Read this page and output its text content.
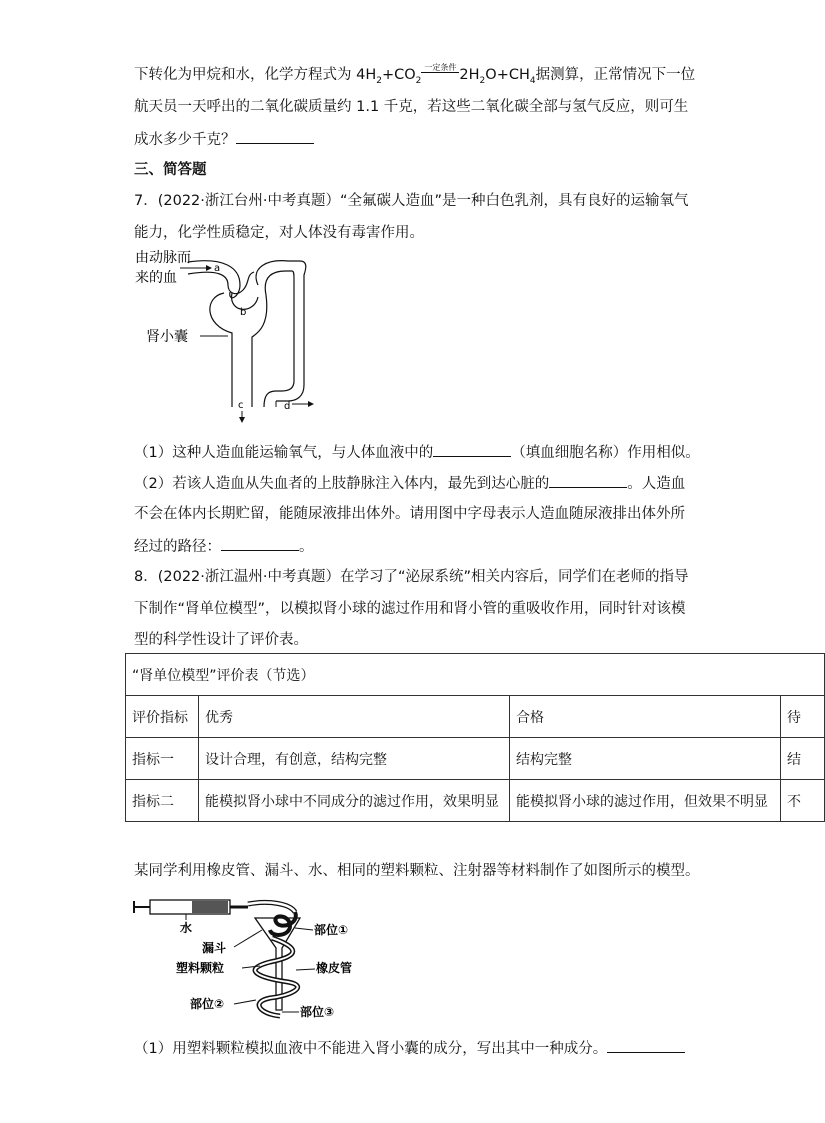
下转化为甲烷和水，化学方程式为 $4H_2+CO_2$
一定条件 $2H_2O+CH_4$据测算，正常情况下一位
航天员一天呼出的二氧化碳质量约 1.1 千克，若这些二氧化碳全部与氢气反应，则可生
成水多少千克？
三、简答题
7．(2022·浙江台州·中考真题）“全氟碳人造血”是一种白色乳剂，具有良好的运输氧气
能力，化学性质稳定，对人体没有毒害作用。
由动脉而
来的血
肾小囊
a
b
c	d
（1）这种人造血能运输氧气，与人体血液中的	（填血细胞名称）作用相似。
（2）若该人造血从失血者的上肢静脉注入体内，最先到达心脏的	。人造血
不会在体内长期贮留，能随尿液排出体外。请用图中字母表示人造血随尿液排出体外所
经过的路径：	。
8．(2022·浙江温州·中考真题）在学习了“泌尿系统”相关内容后，同学们在老师的指导
下制作“肾单位模型”，以模拟肾小球的滤过作用和肾小管的重吸收作用，同时针对该模
型的科学性设计了评价表。
“肾单位模型”评价表（节选）			
评价指标	优秀	合格	待
指标一	设计合理，有创意，结构完整	结构完整	结
指标二	能模拟肾小球中不同成分的滤过作用，效果明显	能模拟肾小球的滤过作用，但效果不明显	不
某同学利用橡皮管、漏斗、水、相同的塑料颗粒、注射器等材料制作了如图所示的模型。
水
漏斗
部位①
塑料颗粒	橡皮管
部位②
部位③
（1）用塑料颗粒模拟血液中不能进入肾小囊的成分，写出其中一种成分。
